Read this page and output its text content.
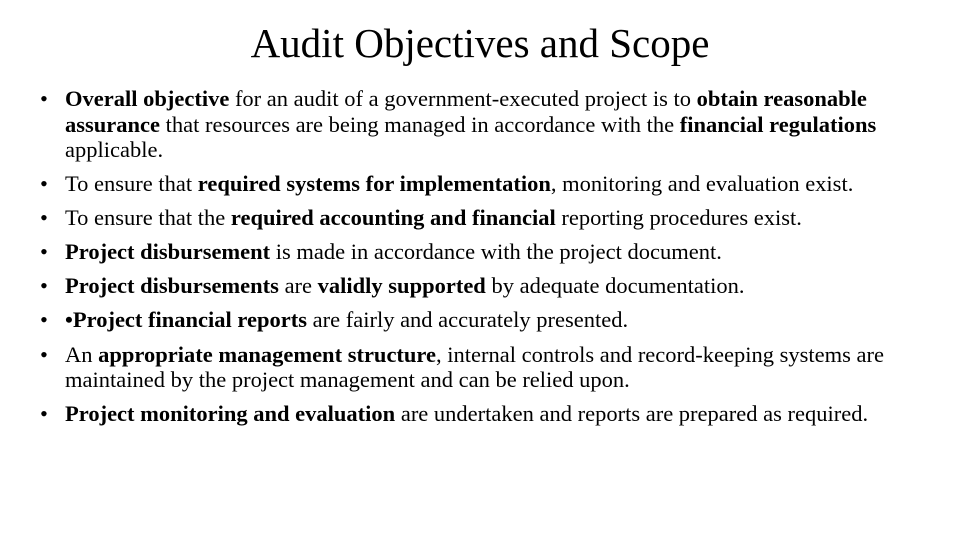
Audit Objectives and Scope
• Overall objective for an audit of a government-executed project is to obtain reasonable assurance that resources are being managed in accordance with the financial regulations applicable.
• To ensure that required systems for implementation, monitoring and evaluation exist.
• To ensure that the required accounting and financial reporting procedures exist.
• Project disbursement is made in accordance with the project document.
• Project disbursements are validly supported by adequate documentation.
• •Project financial reports are fairly and accurately presented.
• An appropriate management structure, internal controls and record-keeping systems are maintained by the project management and can be relied upon.
• Project monitoring and evaluation are undertaken and reports are prepared as required.
